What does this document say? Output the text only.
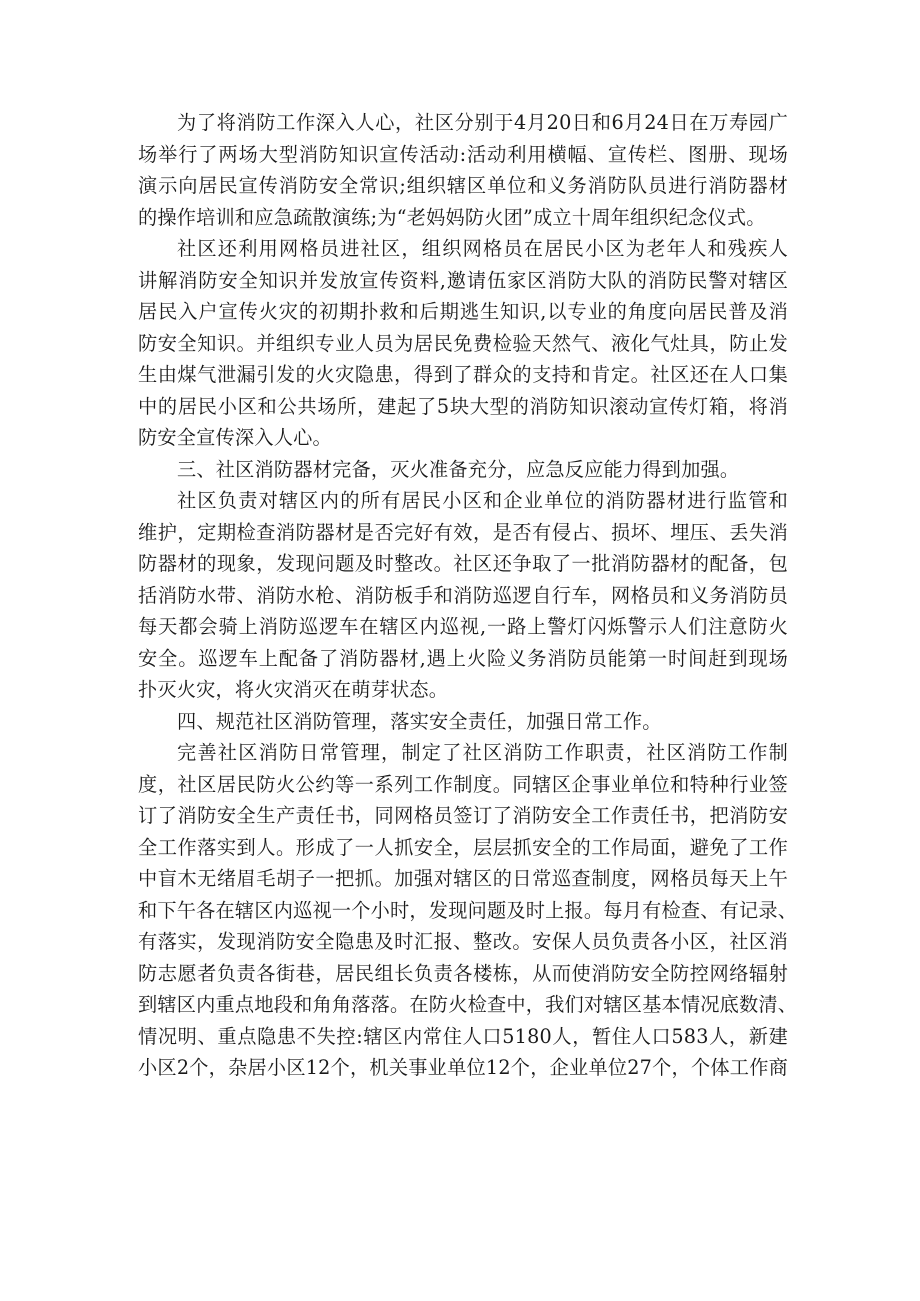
为了将消防工作深入人心，社区分别于4月20日和6月24日在万寿园广
场举行了两场大型消防知识宣传活动:活动利用横幅、宣传栏、图册、现场
演示向居民宣传消防安全常识;组织辖区单位和义务消防队员进行消防器材
的操作培训和应急疏散演练;为“老妈妈防火团”成立十周年组织纪念仪式。
社区还利用网格员进社区，组织网格员在居民小区为老年人和残疾人
讲解消防安全知识并发放宣传资料,邀请伍家区消防大队的消防民警对辖区
居民入户宣传火灾的初期扑救和后期逃生知识,以专业的角度向居民普及消
防安全知识。并组织专业人员为居民免费检验天然气、液化气灶具，防止发
生由煤气泄漏引发的火灾隐患，得到了群众的支持和肯定。社区还在人口集
中的居民小区和公共场所，建起了5块大型的消防知识滚动宣传灯箱，将消
防安全宣传深入人心。
三、社区消防器材完备，灭火准备充分，应急反应能力得到加强。
社区负责对辖区内的所有居民小区和企业单位的消防器材进行监管和
维护，定期检查消防器材是否完好有效，是否有侵占、损坏、埋压、丢失消
防器材的现象，发现问题及时整改。社区还争取了一批消防器材的配备，包
括消防水带、消防水枪、消防板手和消防巡逻自行车，网格员和义务消防员
每天都会骑上消防巡逻车在辖区内巡视,一路上警灯闪烁警示人们注意防火
安全。巡逻车上配备了消防器材,遇上火险义务消防员能第一时间赶到现场
扑灭火灾，将火灾消灭在萌芽状态。
四、规范社区消防管理，落实安全责任，加强日常工作。
完善社区消防日常管理，制定了社区消防工作职责，社区消防工作制
度，社区居民防火公约等一系列工作制度。同辖区企事业单位和特种行业签
订了消防安全生产责任书，同网格员签订了消防安全工作责任书，把消防安
全工作落实到人。形成了一人抓安全，层层抓安全的工作局面，避免了工作
中盲木无绪眉毛胡子一把抓。加强对辖区的日常巡查制度，网格员每天上午
和下午各在辖区内巡视一个小时，发现问题及时上报。每月有检查、有记录、
有落实，发现消防安全隐患及时汇报、整改。安保人员负责各小区，社区消
防志愿者负责各街巷，居民组长负责各楼栋，从而使消防安全防控网络辐射
到辖区内重点地段和角角落落。在防火检查中，我们对辖区基本情况底数清、
情况明、重点隐患不失控:辖区内常住人口5180人，暂住人口583人，新建
小区2个，杂居小区12个，机关事业单位12个，企业单位27个，个体工作商
